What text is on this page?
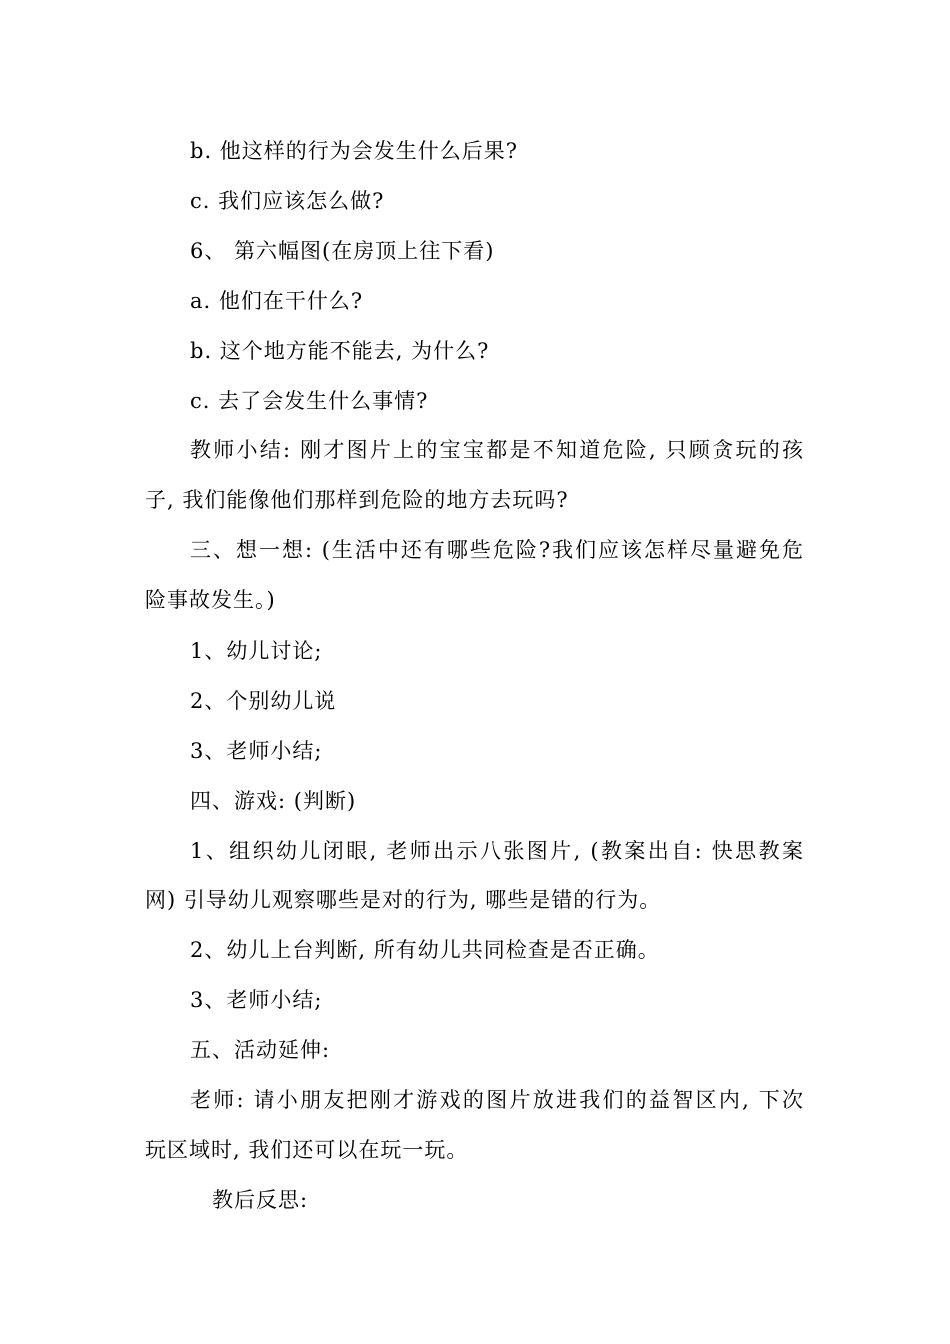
b. 他这样的行为会发生什么后果?
c. 我们应该怎么做?
6、 第六幅图(在房顶上往下看)
a. 他们在干什么?
b. 这个地方能不能去, 为什么?
c. 去了会发生什么事情?
教师小结: 刚才图片上的宝宝都是不知道危险, 只顾贪玩的孩
子, 我们能像他们那样到危险的地方去玩吗?
三、想一想: (生活中还有哪些危险?我们应该怎样尽量避免危
险事故发生。)
1、幼儿讨论;
2、个别幼儿说
3、老师小结;
四、游戏: (判断)
1、组织幼儿闭眼, 老师出示八张图片, (教案出自: 快思教案
网) 引导幼儿观察哪些是对的行为, 哪些是错的行为。
2、幼儿上台判断, 所有幼儿共同检查是否正确。
3、老师小结;
五、活动延伸:
老师: 请小朋友把刚才游戏的图片放进我们的益智区内, 下次
玩区域时, 我们还可以在玩一玩。
教后反思:
